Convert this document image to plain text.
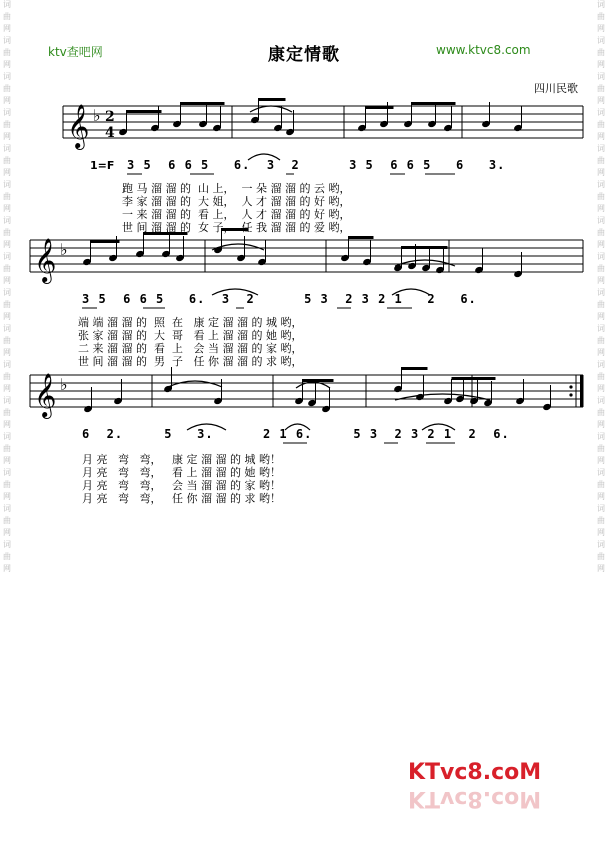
词
曲
网
词
曲
网
词
曲
网
词
曲
网
词
曲
网
词
曲
网
词
曲
网
词
曲
网
词
曲
网
词
曲
网
词
曲
网
词
曲
网
词
曲
网
词
曲
网
词
曲
网
词
曲
网
词
曲
网
词
曲
网
词
曲
网
词
曲
网
词
曲
网
词
曲
网
词
曲
网
词
曲
网
词
曲
网
词
曲
网
词
曲
网
词
曲
网
词
曲
网
词
曲
网
词
曲
网
词
曲
网
ktv查吧网	康定情歌	www.ktvc8.com
四川民歌
𝄞 ♭ 2
4
𝄞 ♭
𝄞 ♭
1=F 3 5  6 6 5   6.  3  2      3 5  6 6 5   6   3.
3 5  6 6 5   6.  3  2      5 3  2 3 2 1   2   6.
6  2.     5   3.      2 1 6.     5 3  2 3 2 1  2  6.
跑 马 溜 溜 的  山 上，  一 朵 溜 溜 的 云 哟，
李 家 溜 溜 的  大 姐，  人 才 溜 溜 的 好 哟，
一 来 溜 溜 的  看 上，  人 才 溜 溜 的 好 哟，
世 间 溜 溜 的  女 子，  任 我 溜 溜 的 爱 哟，
端 端 溜 溜 的  照  在   康 定 溜 溜 的 城 哟，
张 家 溜 溜 的  大  哥   看 上 溜 溜 的 她 哟，
二 来 溜 溜 的  看  上   会 当 溜 溜 的 家 哟，
世 间 溜 溜 的  男  子   任 你 溜 溜 的 求 哟，
月 亮   弯   弯，   康 定 溜 溜 的 城 哟！
月 亮   弯   弯，   看 上 溜 溜 的 她 哟！
月 亮   弯   弯，   会 当 溜 溜 的 家 哟！
月 亮   弯   弯，   任 你 溜 溜 的 求 哟！
KTvc8.coM
KTvc8.coM
